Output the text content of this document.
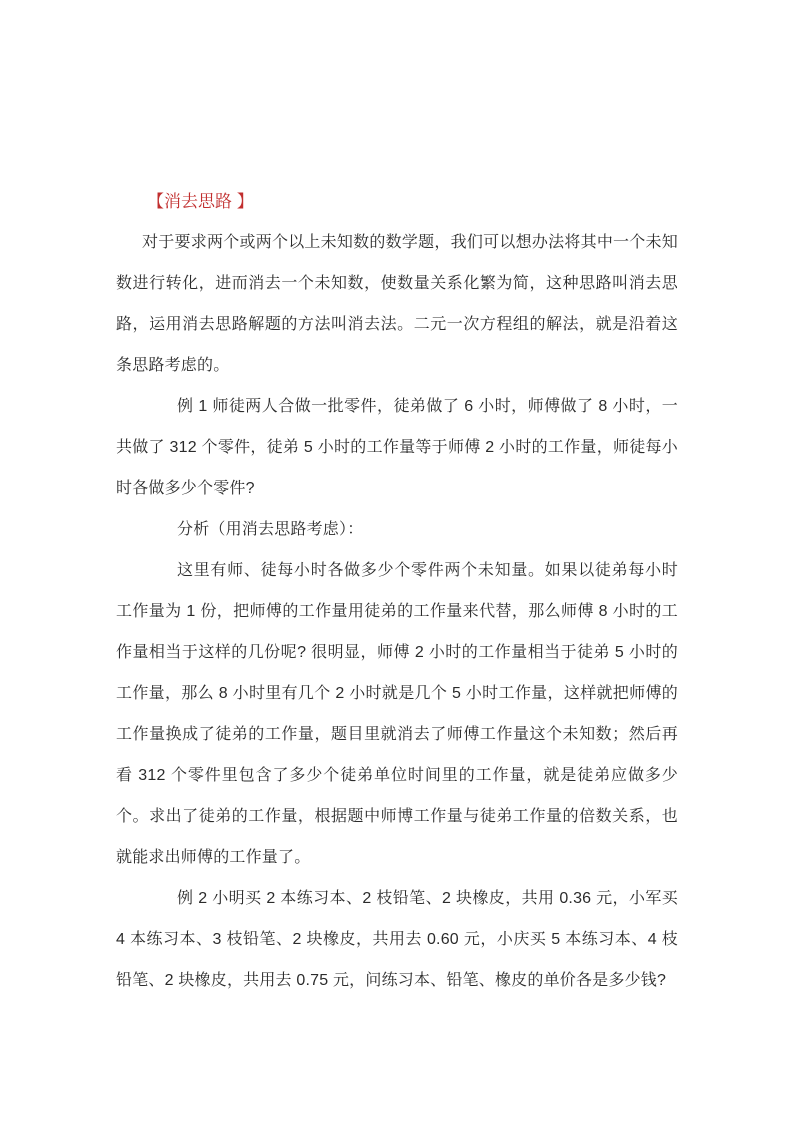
【消去思路 】

对于要求两个或两个以上未知数的数学题，我们可以想办法将其中一个未知数进行转化，进而消去一个未知数，使数量关系化繁为简，这种思路叫消去思路，运用消去思路解题的方法叫消去法。二元一次方程组的解法，就是沿着这条思路考虑的。

例 1 师徒两人合做一批零件，徒弟做了 6 小时，师傅做了 8 小时，一共做了 312 个零件，徒弟 5 小时的工作量等于师傅 2 小时的工作量，师徒每小时各做多少个零件?

分析（用消去思路考虑）：

这里有师、徒每小时各做多少个零件两个未知量。如果以徒弟每小时工作量为 1 份，把师傅的工作量用徒弟的工作量来代替，那么师傅 8 小时的工作量相当于这样的几份呢? 很明显，师傅 2 小时的工作量相当于徒弟 5 小时的工作量，那么 8 小时里有几个 2 小时就是几个 5 小时工作量，这样就把师傅的工作量换成了徒弟的工作量，题目里就消去了师傅工作量这个未知数；然后再看 312 个零件里包含了多少个徒弟单位时间里的工作量，就是徒弟应做多少个。求出了徒弟的工作量，根据题中师博工作量与徒弟工作量的倍数关系，也就能求出师傅的工作量了。

例 2 小明买 2 本练习本、2 枝铅笔、2 块橡皮，共用 0.36 元，小军买 4 本练习本、3 枝铅笔、2 块橡皮，共用去 0.60 元，小庆买 5 本练习本、4 枝铅笔、2 块橡皮，共用去 0.75 元，问练习本、铅笔、橡皮的单价各是多少钱?
